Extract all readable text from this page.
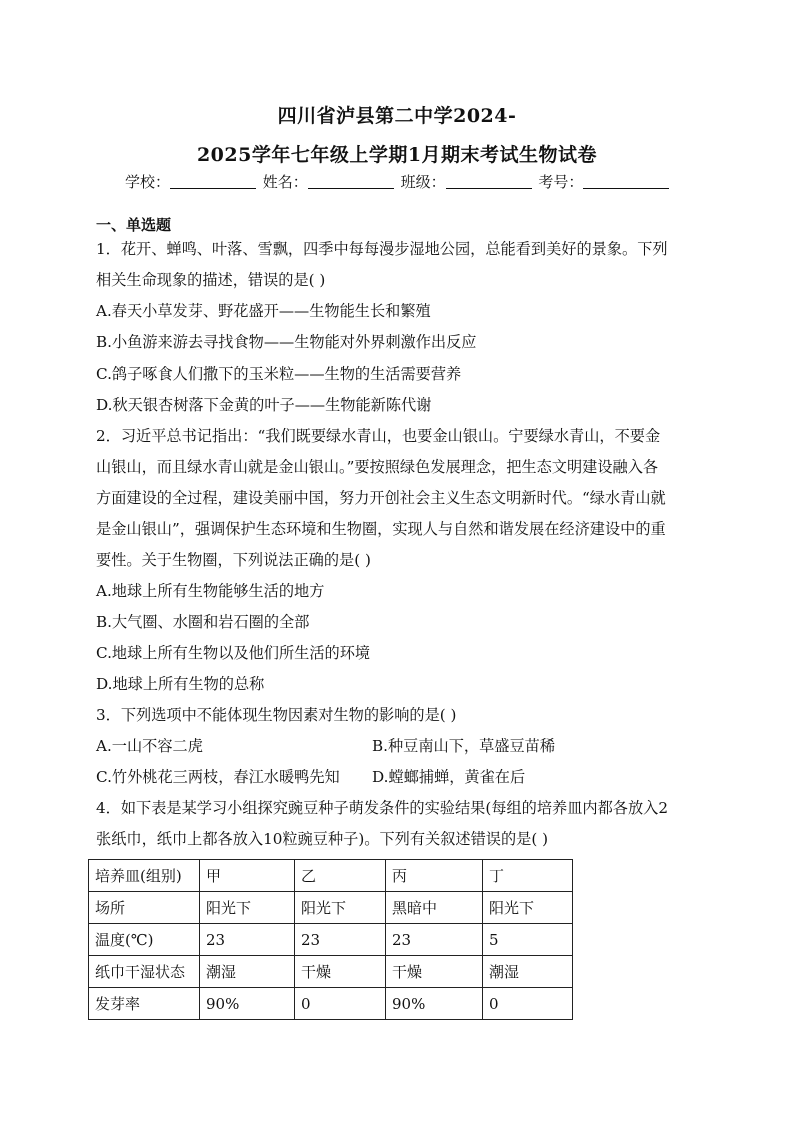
四川省泸县第二中学2024-
2025学年七年级上学期1月期末考试生物试卷
学校：	姓名：	班级：	考号：
一、单选题
1．花开、蝉鸣、叶落、雪飘，四季中每每漫步湿地公园，总能看到美好的景象。下列
相关生命现象的描述，错误的是( )
A.春天小草发芽、野花盛开——生物能生长和繁殖
B.小鱼游来游去寻找食物——生物能对外界刺激作出反应
C.鸽子啄食人们撒下的玉米粒——生物的生活需要营养
D.秋天银杏树落下金黄的叶子——生物能新陈代谢
2．习近平总书记指出：“我们既要绿水青山，也要金山银山。宁要绿水青山，不要金
山银山，而且绿水青山就是金山银山。”要按照绿色发展理念，把生态文明建设融入各
方面建设的全过程，建设美丽中国，努力开创社会主义生态文明新时代。“绿水青山就
是金山银山”，强调保护生态环境和生物圈，实现人与自然和谐发展在经济建设中的重
要性。关于生物圈，下列说法正确的是( )
A.地球上所有生物能够生活的地方
B.大气圈、水圈和岩石圈的全部
C.地球上所有生物以及他们所生活的环境
D.地球上所有生物的总称
3．下列选项中不能体现生物因素对生物的影响的是( )
A.一山不容二虎	B.种豆南山下，草盛豆苗稀
C.竹外桃花三两枝，春江水暖鸭先知 D.螳螂捕蝉，黄雀在后
4．如下表是某学习小组探究豌豆种子萌发条件的实验结果(每组的培养皿内都各放入2
张纸巾，纸巾上都各放入10粒豌豆种子)。下列有关叙述错误的是( )
培养皿(组别)	甲	乙	丙	丁
场所	阳光下	阳光下	黑暗中	阳光下
温度(℃)	23	23	23	5
纸巾干湿状态	潮湿	干燥	干燥	潮湿
发芽率	90%	0	90%	0
